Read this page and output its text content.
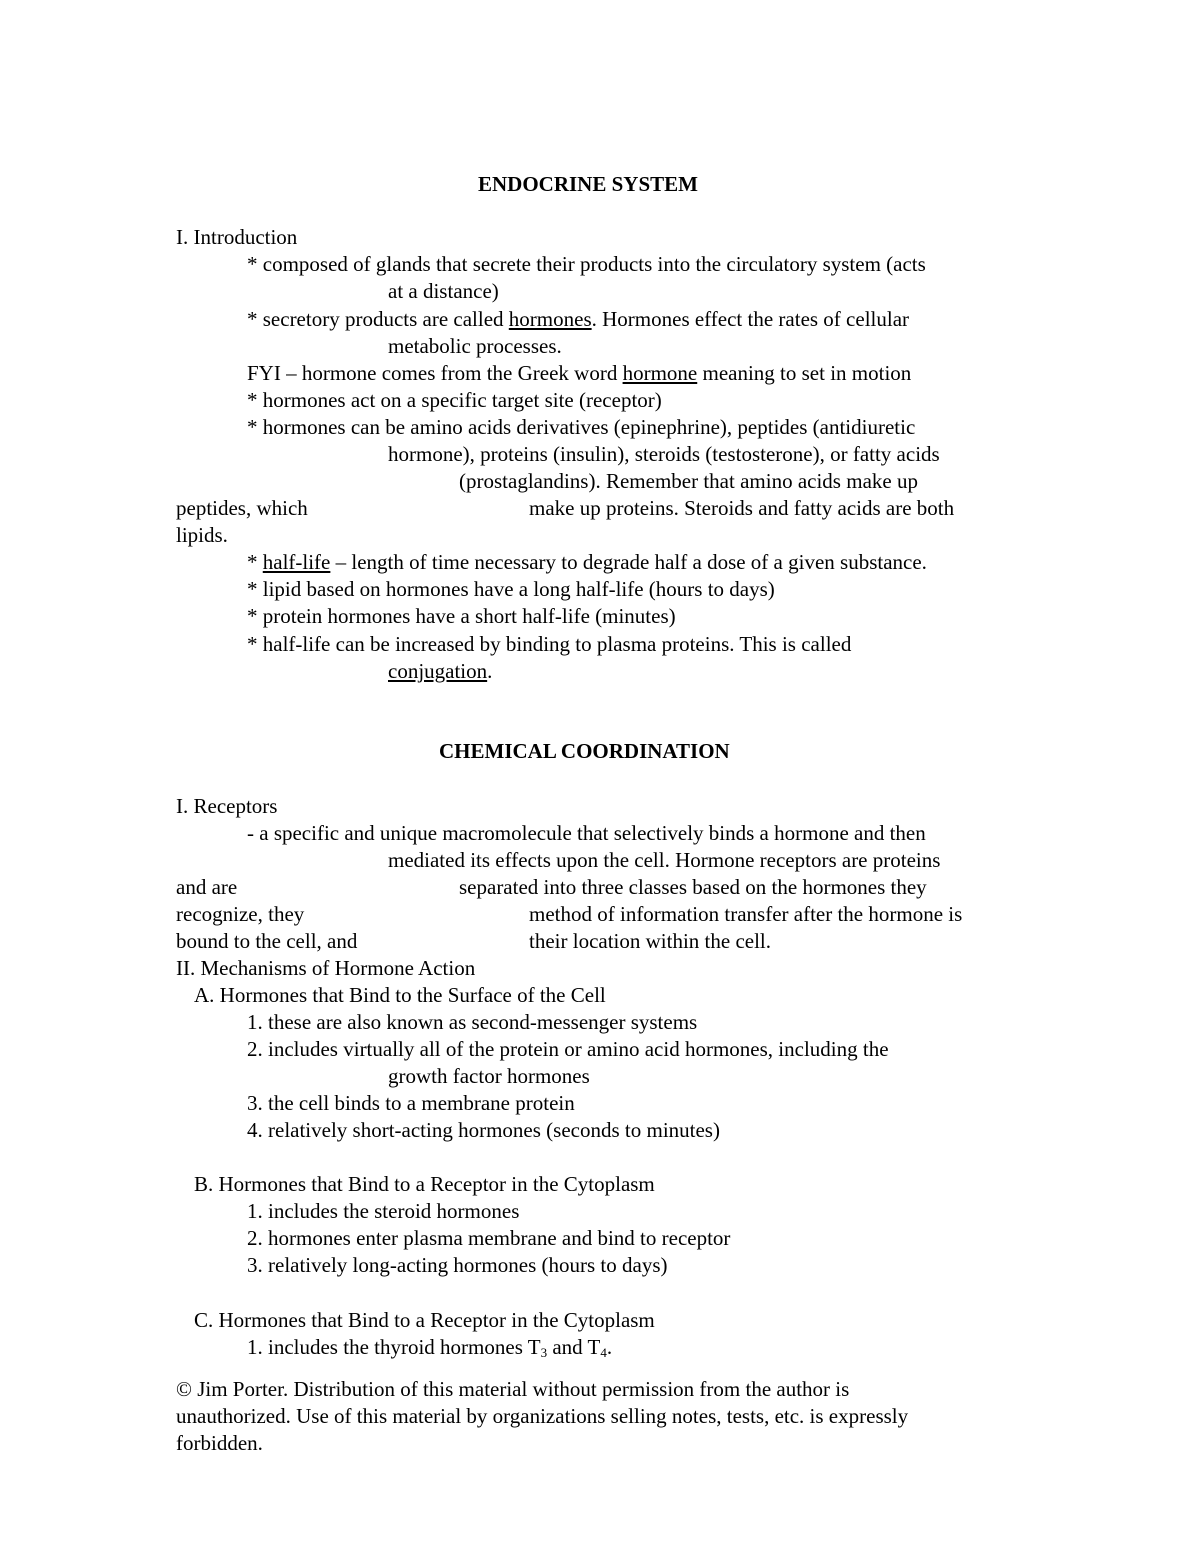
ENDOCRINE SYSTEM
I. Introduction
* composed of glands that secrete their products into the circulatory system (acts
at a distance)
* secretory products are called hormones. Hormones effect the rates of cellular
metabolic processes.
FYI – hormone comes from the Greek word hormone meaning to set in motion
* hormones act on a specific target site (receptor)
* hormones can be amino acids derivatives (epinephrine), peptides (antidiuretic
hormone), proteins (insulin), steroids (testosterone), or fatty acids
(prostaglandins). Remember that amino acids make up
peptides, which	make up proteins. Steroids and fatty acids are both
lipids.
* half-life – length of time necessary to degrade half a dose of a given substance.
* lipid based on hormones have a long half-life (hours to days)
* protein hormones have a short half-life (minutes)
* half-life can be increased by binding to plasma proteins. This is called
conjugation.
CHEMICAL COORDINATION
I. Receptors
- a specific and unique macromolecule that selectively binds a hormone and then
mediated its effects upon the cell. Hormone receptors are proteins
and are	separated into three classes based on the hormones they
recognize, they	method of information transfer after the hormone is
bound to the cell, and	their location within the cell.
II. Mechanisms of Hormone Action
A. Hormones that Bind to the Surface of the Cell
1. these are also known as second-messenger systems
2. includes virtually all of the protein or amino acid hormones, including the
growth factor hormones
3. the cell binds to a membrane protein
4. relatively short-acting hormones (seconds to minutes)
B. Hormones that Bind to a Receptor in the Cytoplasm
1. includes the steroid hormones
2. hormones enter plasma membrane and bind to receptor
3. relatively long-acting hormones (hours to days)
C. Hormones that Bind to a Receptor in the Cytoplasm
1. includes the thyroid hormones $T_3$ and $T_4$.
© Jim Porter. Distribution of this material without permission from the author is
unauthorized. Use of this material by organizations selling notes, tests, etc. is expressly
forbidden.
